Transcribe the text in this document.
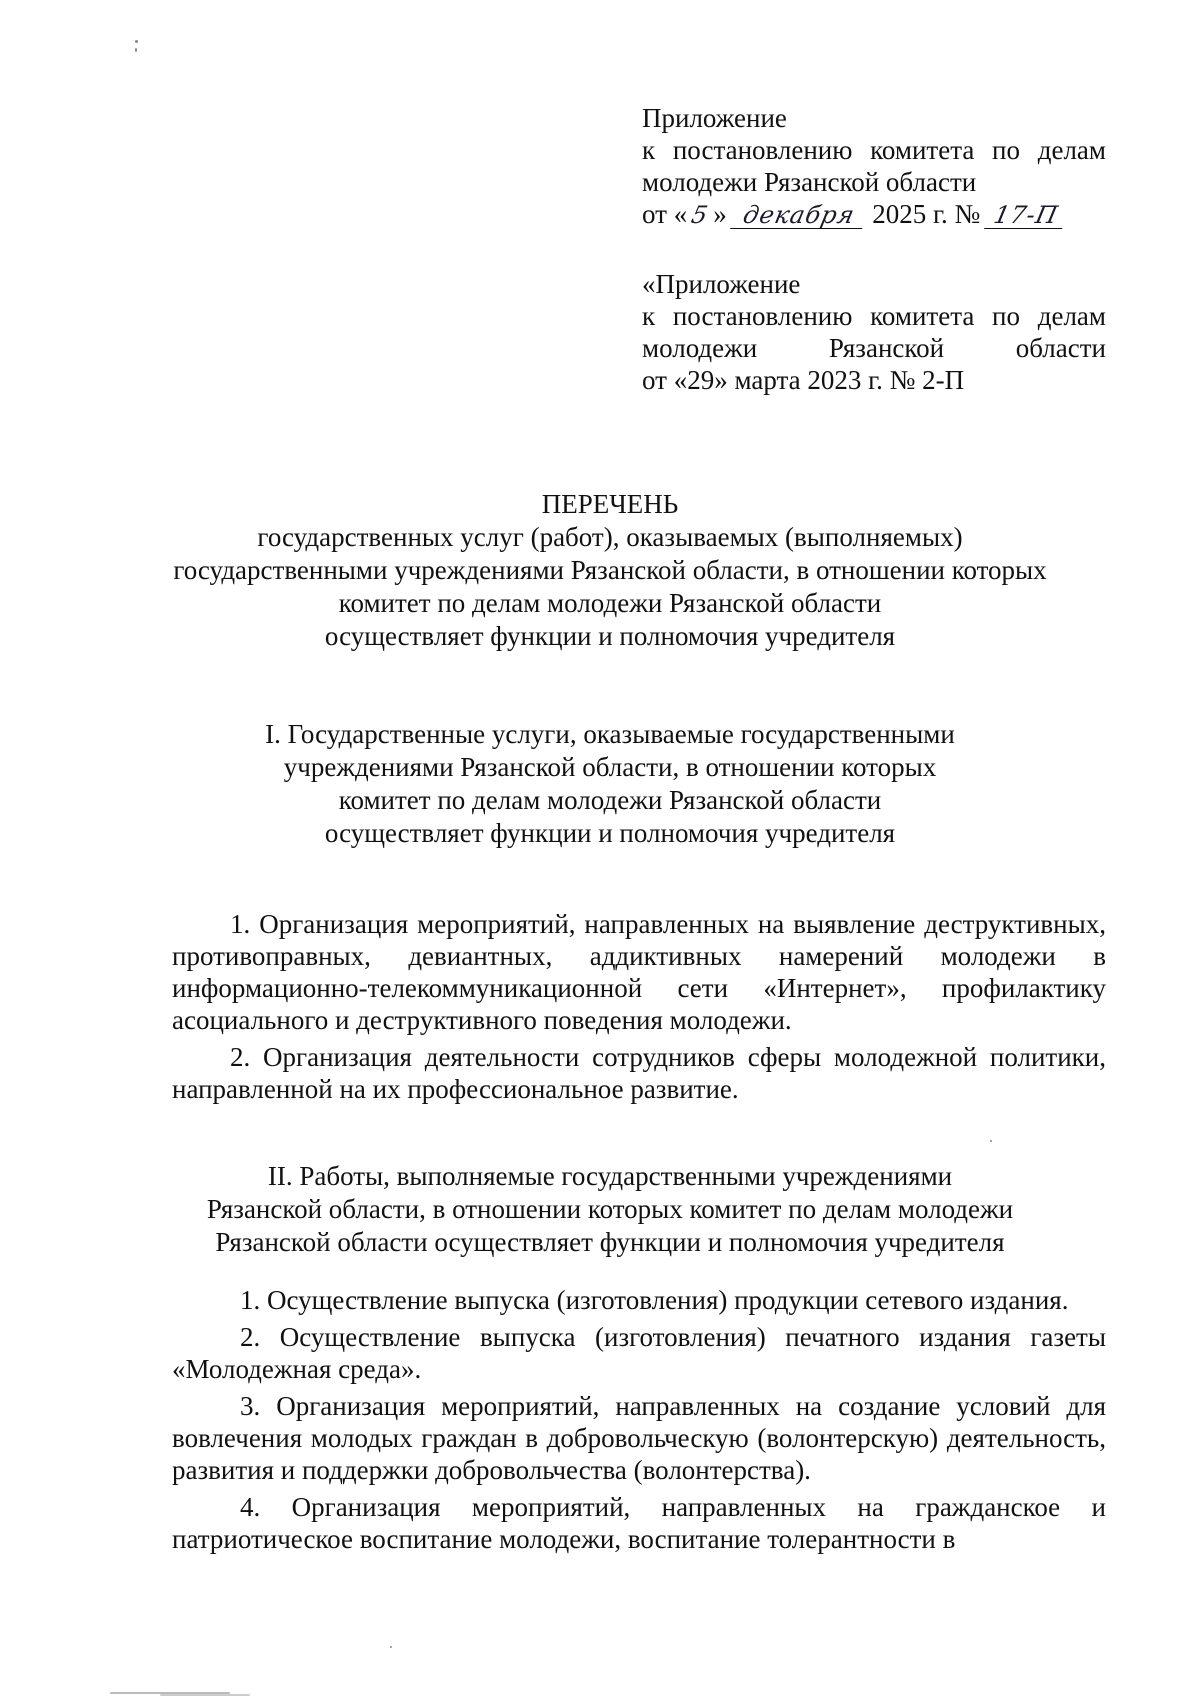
Приложение
к постановлению комитета по делам
молодежи Рязанской области
от «5» декабря 2025 г. № 17-П
«Приложение
к постановлению комитета по делам
молодежи Рязанской области
от «29» марта 2023 г. № 2-П
ПЕРЕЧЕНЬ
государственных услуг (работ), оказываемых (выполняемых)
государственными учреждениями Рязанской области, в отношении которых
комитет по делам молодежи Рязанской области
осуществляет функции и полномочия учредителя
I. Государственные услуги, оказываемые государственными
учреждениями Рязанской области, в отношении которых
комитет по делам молодежи Рязанской области
осуществляет функции и полномочия учредителя

1. Организация мероприятий, направленных на выявление деструктивных, противоправных, девиантных, аддиктивных намерений молодежи в информационно-телекоммуникационной сети «Интернет», профилактику асоциального и деструктивного поведения молодежи.

2. Организация деятельности сотрудников сферы молодежной политики, направленной на их профессиональное развитие.

II. Работы, выполняемые государственными учреждениями
Рязанской области, в отношении которых комитет по делам молодежи
Рязанской области осуществляет функции и полномочия учредителя

1. Осуществление выпуска (изготовления) продукции сетевого издания.

2. Осуществление выпуска (изготовления) печатного издания газеты «Молодежная среда».

3. Организация мероприятий, направленных на создание условий для вовлечения молодых граждан в добровольческую (волонтерскую) деятельность, развития и поддержки добровольчества (волонтерства).

4. Организация мероприятий, направленных на гражданское и патриотическое воспитание молодежи, воспитание толерантности в
